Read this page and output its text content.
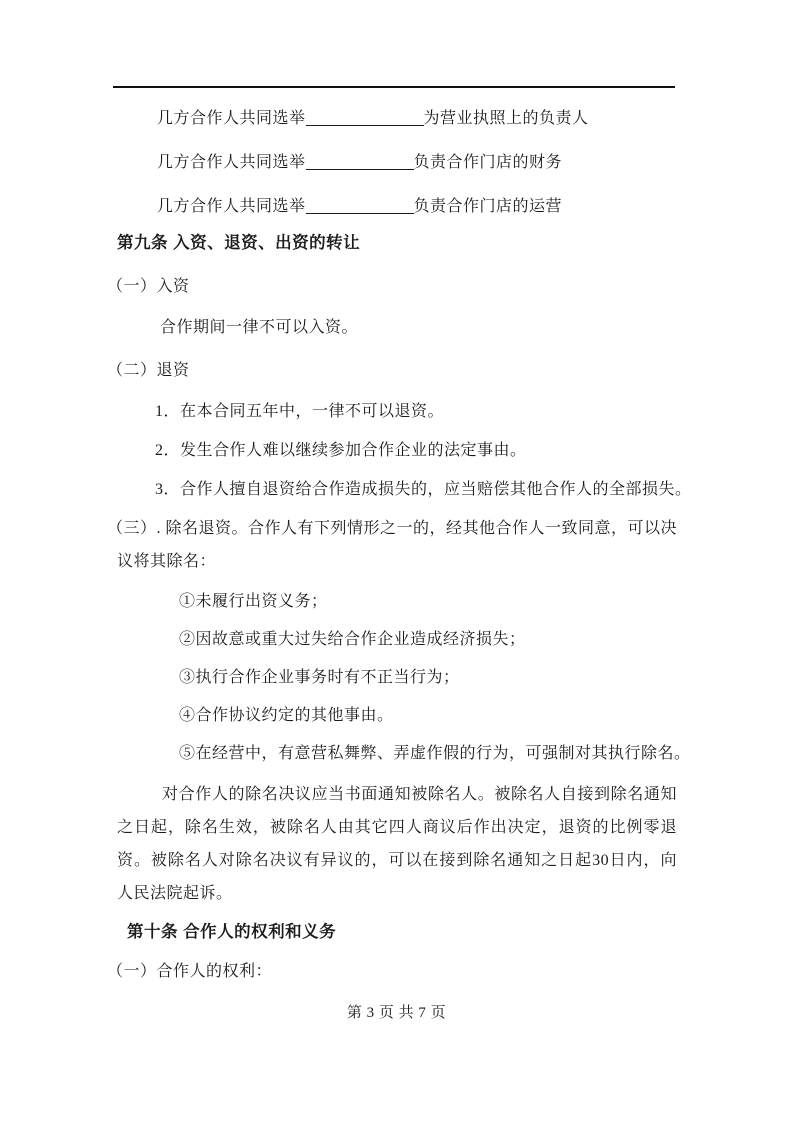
几方合作人共同选举	为营业执照上的负责人

几方合作人共同选举	负责合作门店的财务

几方合作人共同选举	负责合作门店的运营

第九条 入资、退资、出资的转让

（一）入资

合作期间一律不可以入资。

（二）退资

1．在本合同五年中，一律不可以退资。

2．发生合作人难以继续参加合作企业的法定事由。

3．合作人擅自退资给合作造成损失的，应当赔偿其他合作人的全部损失。

（三）. 除名退资。合作人有下列情形之一的，经其他合作人一致同意，可以决议将其除名：

①未履行出资义务；

②因故意或重大过失给合作企业造成经济损失；

③执行合作企业事务时有不正当行为；

④合作协议约定的其他事由。

⑤在经营中，有意营私舞弊、弄虚作假的行为，可强制对其执行除名。

对合作人的除名决议应当书面通知被除名人。被除名人自接到除名通知之日起，除名生效，被除名人由其它四人商议后作出决定，退资的比例零退资。被除名人对除名决议有异议的，可以在接到除名通知之日起30日内，向人民法院起诉。

第十条 合作人的权利和义务

（一）合作人的权利：

第 3 页 共 7 页
